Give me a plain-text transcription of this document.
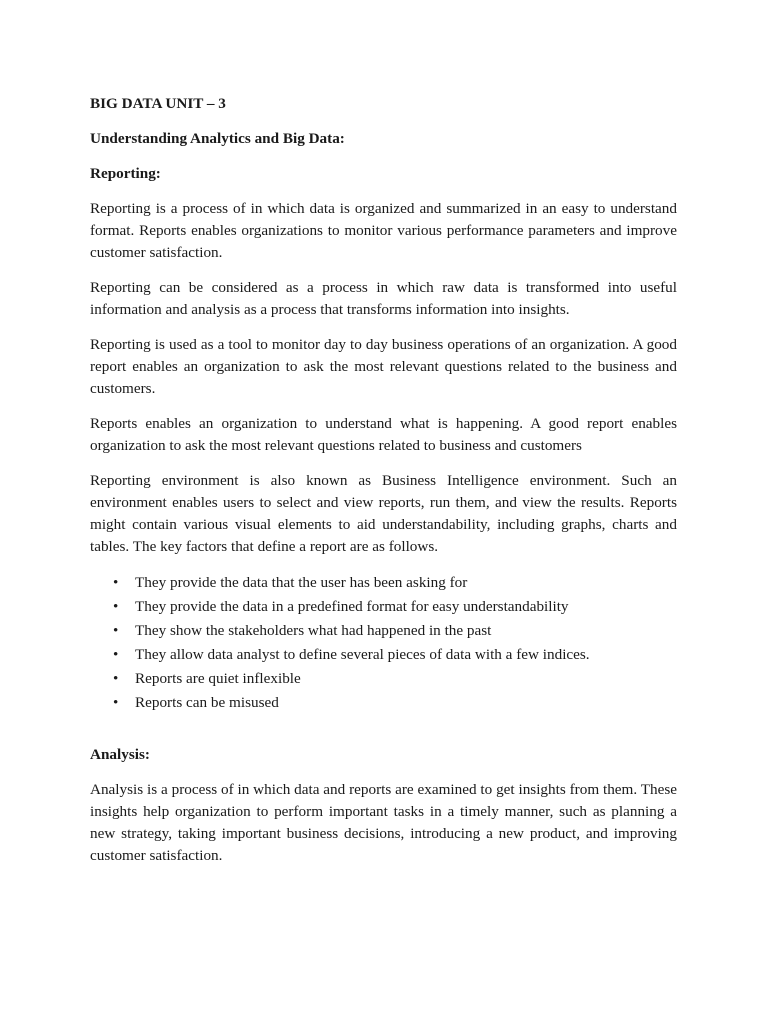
BIG DATA UNIT – 3

Understanding Analytics and Big Data:

Reporting:

Reporting is a process of in which data is organized and summarized in an easy to understand format. Reports enables organizations to monitor various performance parameters and improve customer satisfaction.

Reporting can be considered as a process in which raw data is transformed into useful information and analysis as a process that transforms information into insights.

Reporting is used as a tool to monitor day to day business operations of an organization. A good report enables an organization to ask the most relevant questions related to the business and customers.

Reports enables an organization to understand what is happening. A good report enables organization to ask the most relevant questions related to business and customers

Reporting environment is also known as Business Intelligence environment. Such an environment enables users to select and view reports, run them, and view the results. Reports might contain various visual elements to aid understandability, including graphs, charts and tables. The key factors that define a report are as follows.

• They provide the data that the user has been asking for
• They provide the data in a predefined format for easy understandability
• They show the stakeholders what had happened in the past
• They allow data analyst to define several pieces of data with a few indices.
• Reports are quiet inflexible
• Reports can be misused

Analysis:

Analysis is a process of in which data and reports are examined to get insights from them. These insights help organization to perform important tasks in a timely manner, such as planning a new strategy, taking important business decisions, introducing a new product, and improving customer satisfaction.
